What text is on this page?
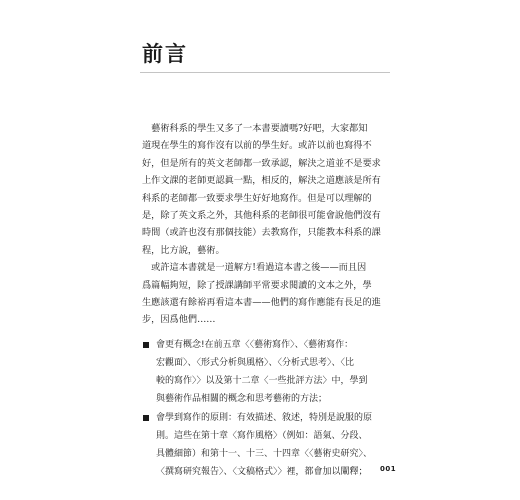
前言
　藝術科系的學生又多了一本書要讀嗎?好吧，大家都知
道現在學生的寫作沒有以前的學生好。或許以前也寫得不
好，但是所有的英文老師都一致承認，解決之道並不是要求
上作文課的老師更認眞一點，相反的，解決之道應該是所有
科系的老師都一致要求學生好好地寫作。但是可以理解的
是，除了英文系之外，其他科系的老師很可能會說他們沒有
時間（或許也沒有那個技能）去教寫作，只能教本科系的課
程，比方說，藝術。
　或許這本書就是一道解方!看過這本書之後——而且因
爲篇幅夠短，除了授課講師平常要求閱讀的文本之外，學
生應該還有餘裕再看這本書——他們的寫作應能有長足的進
步，因爲他們……
會更有概念!在前五章〈〈藝術寫作〉、〈藝術寫作：
宏觀面〉、〈形式分析與風格〉、〈分析式思考〉、〈比
較的寫作〉〉以及第十二章〈一些批評方法〉中，學到
與藝術作品相關的概念和思考藝術的方法；
會學到寫作的原則：有效描述、敘述，特別是說服的原
則。這些在第十章〈寫作風格〉（例如：語氣、分段、
具體細節）和第十一、十三、十四章〈〈藝術史研究〉、
〈撰寫研究報告〉、〈文稿格式〉〉裡，都會加以闡釋；	001
